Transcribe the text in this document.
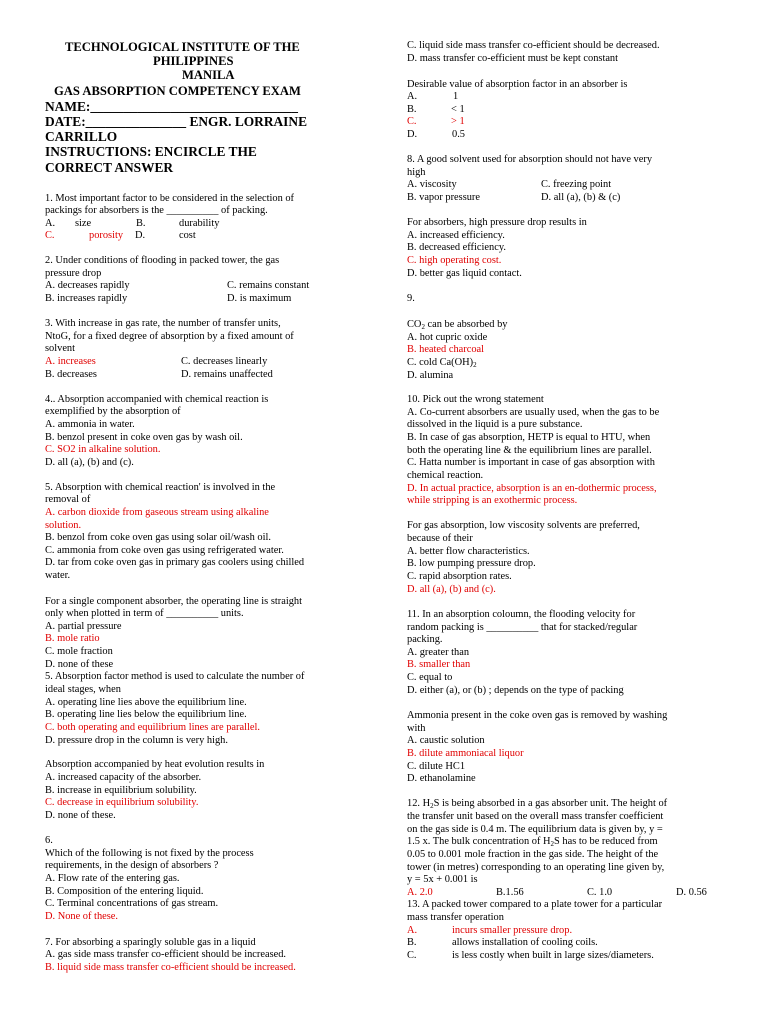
TECHNOLOGICAL INSTITUTE OF THE
PHILIPPINES
MANILA
GAS ABSORPTION COMPETENCY EXAM
NAME:_______________________________
DATE:_______________ ENGR. LORRAINE
CARRILLO
INSTRUCTIONS: ENCIRCLE THE
CORRECT ANSWER
1. Most important factor to be considered in the selection of
packings for absorbers is the __________ of packing.
A. size	B.	durability
C.	porosity D.	cost
2. Under conditions of flooding in packed tower, the gas
pressure drop
A. decreases rapidly	C. remains constant
B. increases rapidly	D. is maximum
3. With increase in gas rate, the number of transfer units,
NtoG, for a fixed degree of absorption by a fixed amount of
solvent
A. increases	C. decreases linearly
B. decreases	D. remains unaffected
4.. Absorption accompanied with chemical reaction is
exemplified by the absorption of
A. ammonia in water.
B. benzol present in coke oven gas by wash oil.
C. SO2 in alkaline solution.
D. all (a), (b) and (c).
5. Absorption with chemical reaction' is involved in the
removal of
A. carbon dioxide from gaseous stream using alkaline
solution.
B. benzol from coke oven gas using solar oil/wash oil.
C. ammonia from coke oven gas using refrigerated water.
D. tar from coke oven gas in primary gas coolers using chilled
water.
For a single component absorber, the operating line is straight
only when plotted in term of __________ units.
A. partial pressure
B. mole ratio
C. mole fraction
D. none of these
5. Absorption factor method is used to calculate the number of
ideal stages, when
A. operating line lies above the equilibrium line.
B. operating line lies below the equilibrium line.
C. both operating and equilibrium lines are parallel.
D. pressure drop in the column is very high.
Absorption accompanied by heat evolution results in
A. increased capacity of the absorber.
B. increase in equilibrium solubility.
C. decrease in equilibrium solubility.
D. none of these.
6.
Which of the following is not fixed by the process
requirements, in the design of absorbers ?
A. Flow rate of the entering gas.
B. Composition of the entering liquid.
C. Terminal concentrations of gas stream.
D. None of these.
7. For absorbing a sparingly soluble gas in a liquid
A. gas side mass transfer co-efficient should be increased.
B. liquid side mass transfer co-efficient should be increased.
C. liquid side mass transfer co-efficient should be decreased.
D. mass transfer co-efficient must be kept constant
Desirable value of absorption factor in an absorber is
A.	1
B.	< 1
C.	> 1
D.	0.5
8. A good solvent used for absorption should not have very
high
A. viscosity	C. freezing point
B. vapor pressure	D. all (a), (b) & (c)
For absorbers, high pressure drop results in
A. increased efficiency.
B. decreased efficiency.
C. high operating cost.
D. better gas liquid contact.
9.
$CO_2$ can be absorbed by
A. hot cupric oxide
B. heated charcoal
C. cold $Ca(OH)_2$
D. alumina
10. Pick out the wrong statement
A. Co-current absorbers are usually used, when the gas to be
dissolved in the liquid is a pure substance.
B. In case of gas absorption, HETP is equal to HTU, when
both the operating line & the equilibrium lines are parallel.
C. Hatta number is important in case of gas absorption with
chemical reaction.
D. In actual practice, absorption is an en-dothermic process,
while stripping is an exothermic process.
For gas absorption, low viscosity solvents are preferred,
because of their
A. better flow characteristics.
B. low pumping pressure drop.
C. rapid absorption rates.
D. all (a), (b) and (c).
11. In an absorption coloumn, the flooding velocity for
random packing is __________ that for stacked/regular
packing.
A. greater than
B. smaller than
C. equal to
D. either (a), or (b) ; depends on the type of packing
Ammonia present in the coke oven gas is removed by washing
with
A. caustic solution
B. dilute ammoniacal liquor
C. dilute HC1
D. ethanolamine
12. $H_2S$ is being absorbed in a gas absorber unit. The height of
the transfer unit based on the overall mass transfer coefficient
on the gas side is 0.4 m. The equilibrium data is given by, y =
1.5 x. The bulk concentration of $H_2S$ has to be reduced from
0.05 to 0.001 mole fraction in the gas side. The height of the
tower (in metres) corresponding to an operating line given by,
y = 5x + 0.001 is
A. 2.0	B.1.56	C. 1.0	D. 0.56
13. A packed tower compared to a plate tower for a particular
mass transfer operation
A.	incurs smaller pressure drop.
B.	allows installation of cooling coils.
C.	is less costly when built in large sizes/diameters.
